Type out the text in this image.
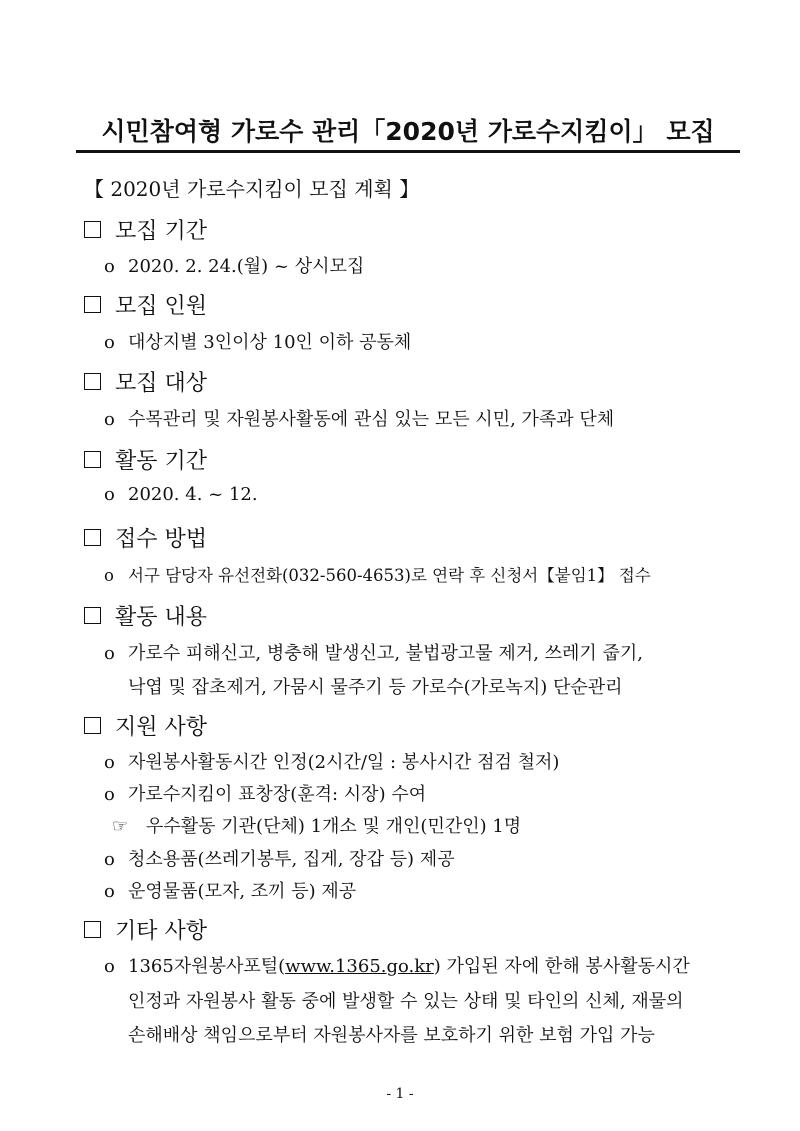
시민참여형 가로수 관리「2020년 가로수지킴이」 모집
【 2020년 가로수지킴이 모집 계획 】
모집 기간
o 2020. 2. 24.(월) ~ 상시모집
모집 인원
o 대상지별 3인이상 10인 이하 공동체
모집 대상
o 수목관리 및 자원봉사활동에 관심 있는 모든 시민, 가족과 단체
활동 기간
o 2020. 4. ~ 12.
접수 방법
o 서구 담당자 유선전화(032-560-4653)로 연락 후 신청서【붙임1】 접수
활동 내용
o 가로수 피해신고, 병충해 발생신고, 불법광고물 제거, 쓰레기 줍기,
낙엽 및 잡초제거, 가뭄시 물주기 등 가로수(가로녹지) 단순관리
지원 사항
o 자원봉사활동시간 인정(2시간/일 : 봉사시간 점검 철저)
o 가로수지킴이 표창장(훈격: 시장) 수여
☞ 우수활동 기관(단체) 1개소 및 개인(민간인) 1명
o 청소용품(쓰레기봉투, 집게, 장갑 등) 제공
o 운영물품(모자, 조끼 등) 제공
기타 사항
o 1365자원봉사포털(www.1365.go.kr) 가입된 자에 한해 봉사활동시간
인정과 자원봉사 활동 중에 발생할 수 있는 상태 및 타인의 신체, 재물의
손해배상 책임으로부터 자원봉사자를 보호하기 위한 보험 가입 가능
- 1 -
